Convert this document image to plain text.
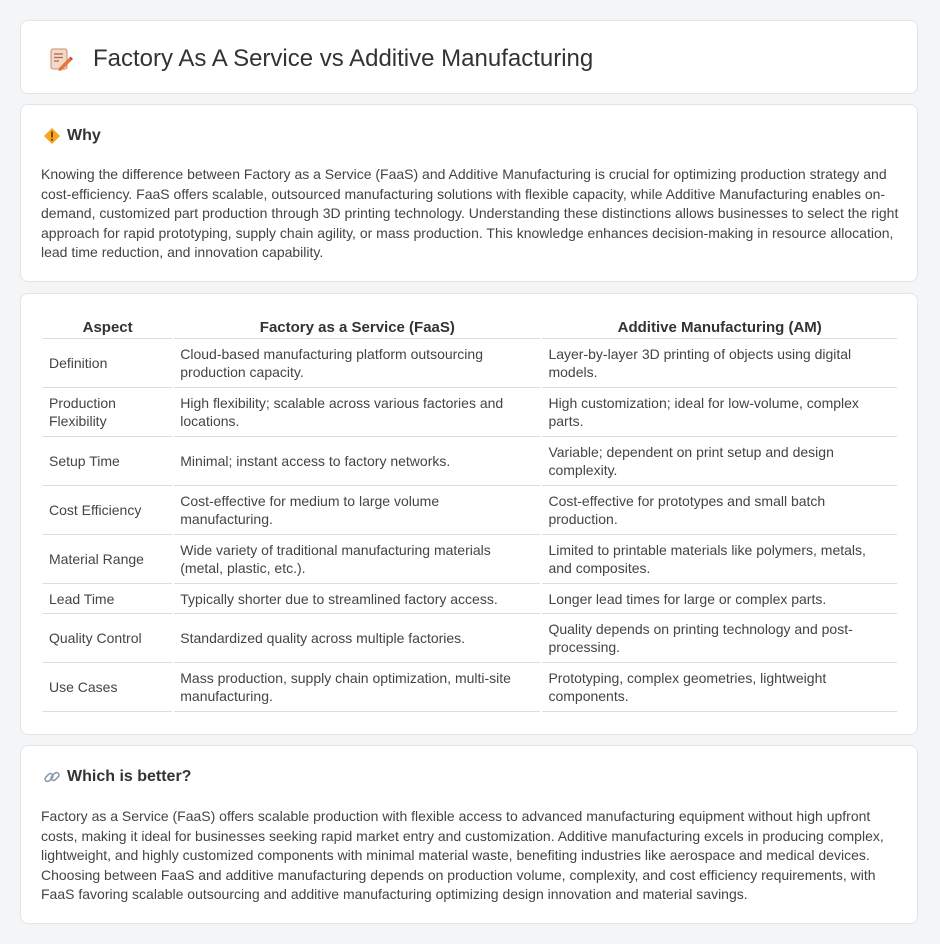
Factory As A Service vs Additive Manufacturing
Why

Knowing the difference between Factory as a Service (FaaS) and Additive Manufacturing is crucial for optimizing production strategy and cost-efficiency. FaaS offers scalable, outsourced manufacturing solutions with flexible capacity, while Additive Manufacturing enables on-demand, customized part production through 3D printing technology. Understanding these distinctions allows businesses to select the right approach for rapid prototyping, supply chain agility, or mass production. This knowledge enhances decision-making in resource allocation, lead time reduction, and innovation capability.

Aspect	Factory as a Service (FaaS)	Additive Manufacturing (AM)
Definition	Cloud-based manufacturing platform outsourcing production capacity.	Layer-by-layer 3D printing of objects using digital models.
Production Flexibility	High flexibility; scalable across various factories and locations.	High customization; ideal for low-volume, complex parts.
Setup Time	Minimal; instant access to factory networks.	Variable; dependent on print setup and design complexity.
Cost Efficiency	Cost-effective for medium to large volume manufacturing.	Cost-effective for prototypes and small batch production.
Material Range	Wide variety of traditional manufacturing materials (metal, plastic, etc.).	Limited to printable materials like polymers, metals, and composites.
Lead Time	Typically shorter due to streamlined factory access.	Longer lead times for large or complex parts.
Quality Control	Standardized quality across multiple factories.	Quality depends on printing technology and post-processing.
Use Cases	Mass production, supply chain optimization, multi-site manufacturing.	Prototyping, complex geometries, lightweight components.
Which is better?

Factory as a Service (FaaS) offers scalable production with flexible access to advanced manufacturing equipment without high upfront costs, making it ideal for businesses seeking rapid market entry and customization. Additive manufacturing excels in producing complex, lightweight, and highly customized components with minimal material waste, benefiting industries like aerospace and medical devices. Choosing between FaaS and additive manufacturing depends on production volume, complexity, and cost efficiency requirements, with FaaS favoring scalable outsourcing and additive manufacturing optimizing design innovation and material savings.
